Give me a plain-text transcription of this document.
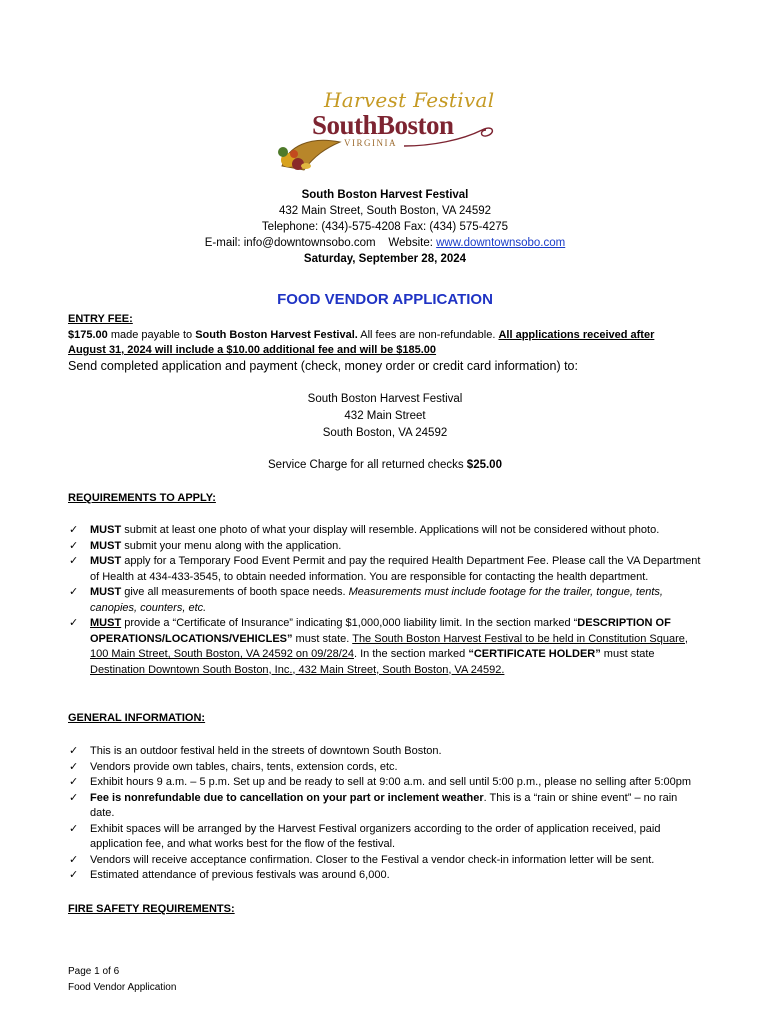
Harvest Festival
SouthBoston
VIRGINIA
South Boston Harvest Festival
432 Main Street, South Boston, VA 24592
Telephone: (434)-575-4208 Fax: (434) 575-4275
E-mail: info@downtownsobo.com Website: www.downtownsobo.com
Saturday, September 28, 2024
FOOD VENDOR APPLICATION
ENTRY FEE:
$175.00 made payable to South Boston Harvest Festival. All fees are non-refundable. All applications received after
August 31, 2024 will include a $10.00 additional fee and will be $185.00
Send completed application and payment (check, money order or credit card information) to:
South Boston Harvest Festival
432 Main Street
South Boston, VA 24592
Service Charge for all returned checks $25.00
REQUIREMENTS TO APPLY:
✓ MUST submit at least one photo of what your display will resemble. Applications will not be considered without photo.
✓ MUST submit your menu along with the application.
✓ MUST apply for a Temporary Food Event Permit and pay the required Health Department Fee. Please call the VA Department of Health at 434-433-3545, to obtain needed information. You are responsible for contacting the health department.
✓ MUST give all measurements of booth space needs. Measurements must include footage for the trailer, tongue, tents, canopies, counters, etc.
✓ MUST provide a “Certificate of Insurance” indicating $1,000,000 liability limit. In the section marked “DESCRIPTION OF OPERATIONS/LOCATIONS/VEHICLES” must state. The South Boston Harvest Festival to be held in Constitution Square, 100 Main Street, South Boston, VA 24592 on 09/28/24. In the section marked “CERTIFICATE HOLDER” must state Destination Downtown South Boston, Inc., 432 Main Street, South Boston, VA 24592.
GENERAL INFORMATION:
✓ This is an outdoor festival held in the streets of downtown South Boston.
✓ Vendors provide own tables, chairs, tents, extension cords, etc.
✓ Exhibit hours 9 a.m. – 5 p.m. Set up and be ready to sell at 9:00 a.m. and sell until 5:00 p.m., please no selling after 5:00pm
✓ Fee is nonrefundable due to cancellation on your part or inclement weather. This is a “rain or shine event” – no rain date.
✓ Exhibit spaces will be arranged by the Harvest Festival organizers according to the order of application received, paid application fee, and what works best for the flow of the festival.
✓ Vendors will receive acceptance confirmation. Closer to the Festival a vendor check-in information letter will be sent.
✓ Estimated attendance of previous festivals was around 6,000.
FIRE SAFETY REQUIREMENTS:
Page 1 of 6
Food Vendor Application
